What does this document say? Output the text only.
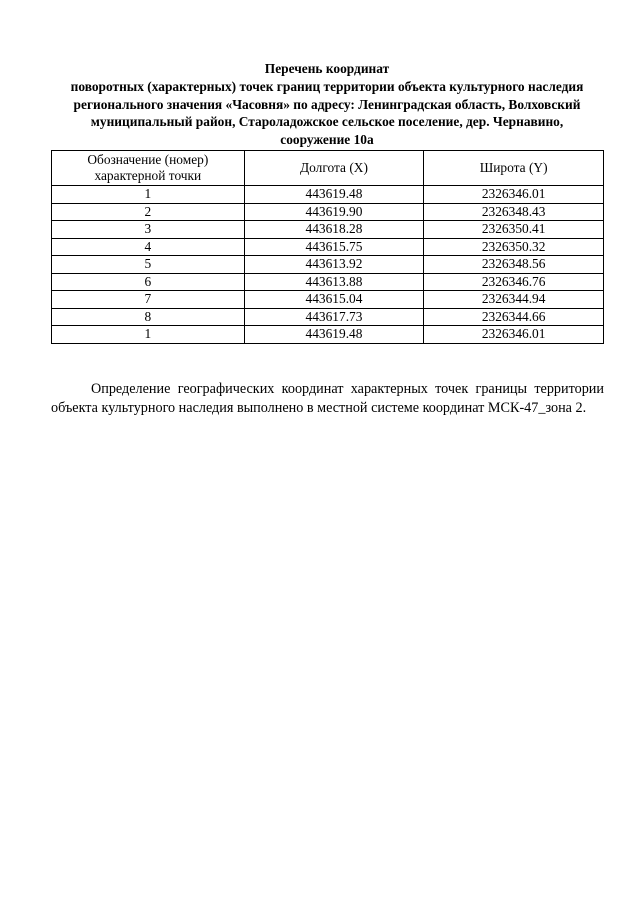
Перечень координат
поворотных (характерных) точек границ территории объекта культурного наследия
регионального значения «Часовня» по адресу: Ленинградская область, Волховский
муниципальный район, Староладожское сельское поселение, дер. Чернавино,
сооружение 10а
Обозначение (номер) характерной точки	Долгота (X)	Широта (Y)
1	443619.48	2326346.01
2	443619.90	2326348.43
3	443618.28	2326350.41
4	443615.75	2326350.32
5	443613.92	2326348.56
6	443613.88	2326346.76
7	443615.04	2326344.94
8	443617.73	2326344.66
1	443619.48	2326346.01

Определение географических координат характерных точек границы территории объекта культурного наследия выполнено в местной системе координат МСК-47_зона 2.
